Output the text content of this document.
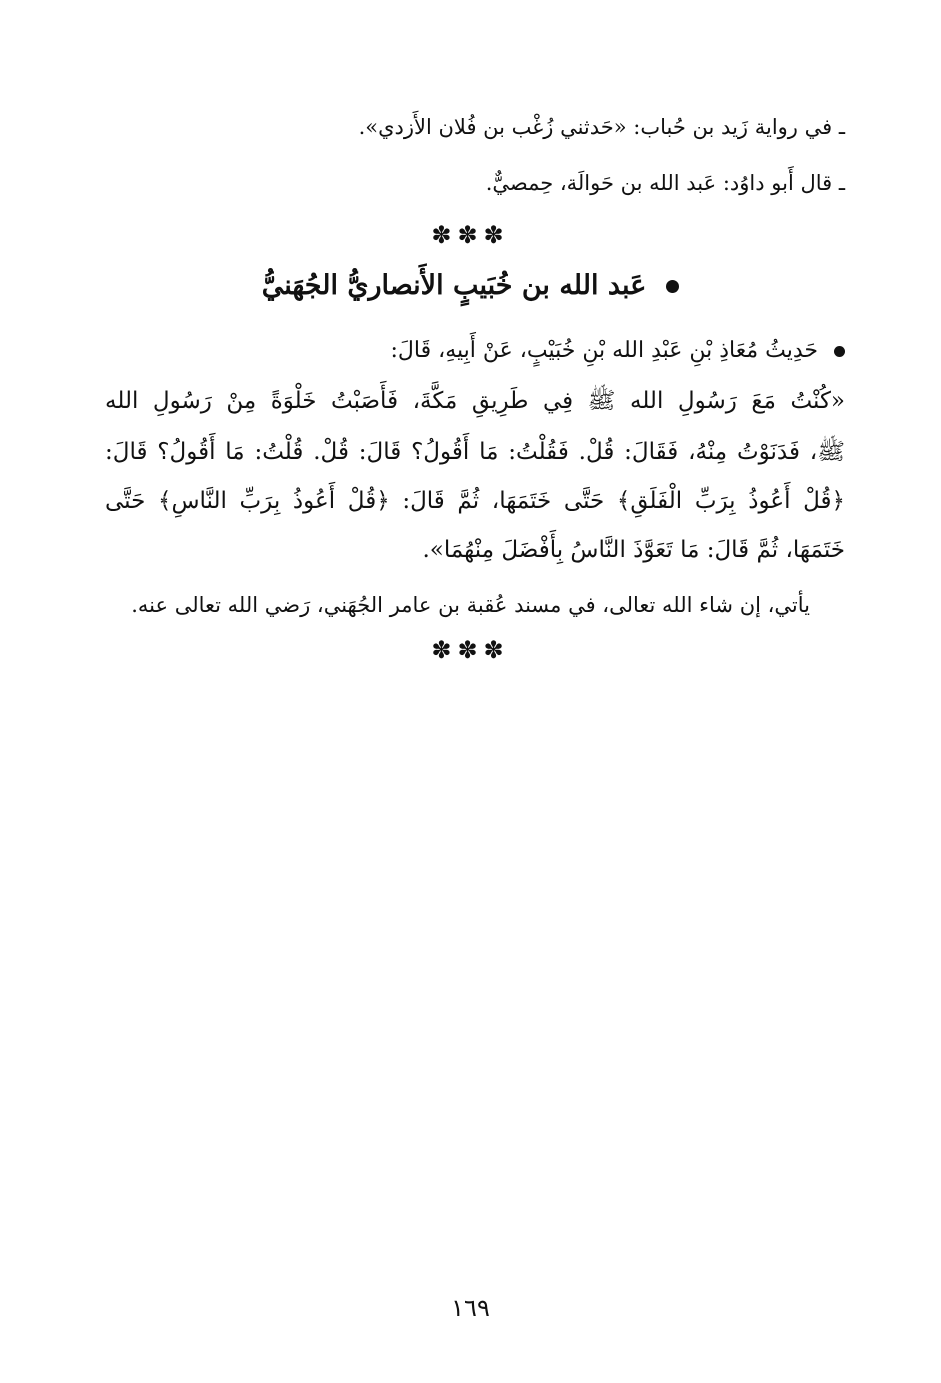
ـ في رواية زَيد بن حُباب: «حَدثني زُغْب بن فُلان الأَزدي».
ـ قال أَبو داوُد: عَبد الله بن حَوالَة، حِمصيٌّ.
✽✽✽
عَبد الله بن خُبَيبٍ الأَنصاريُّ الجُهَنيُّ
حَدِيثُ مُعَاذِ بْنِ عَبْدِ الله بْنِ خُبَيْبٍ، عَنْ أَبِيهِ، قَالَ:
«كُنْتُ مَعَ رَسُولِ الله ﷺ فِي طَرِيقِ مَكَّةَ، فَأَصَبْتُ خَلْوَةً مِنْ رَسُولِ الله
ﷺ، فَدَنَوْتُ مِنْهُ، فَقَالَ: قُلْ. فَقُلْتُ: مَا أَقُولُ؟ قَالَ: قُلْ. قُلْتُ: مَا أَقُولُ؟ قَالَ:
﴿قُلْ أَعُوذُ بِرَبِّ الْفَلَقِ﴾ حَتَّى خَتَمَهَا، ثُمَّ قَالَ: ﴿قُلْ أَعُوذُ بِرَبِّ النَّاسِ﴾ حَتَّى
خَتَمَهَا، ثُمَّ قَالَ: مَا تَعَوَّذَ النَّاسُ بِأَفْضَلَ مِنْهُمَا».
يأتي، إن شاء الله تعالى، في مسند عُقبة بن عامر الجُهَني، رَضي الله تعالى عنه.
✽✽✽
١٦٩
